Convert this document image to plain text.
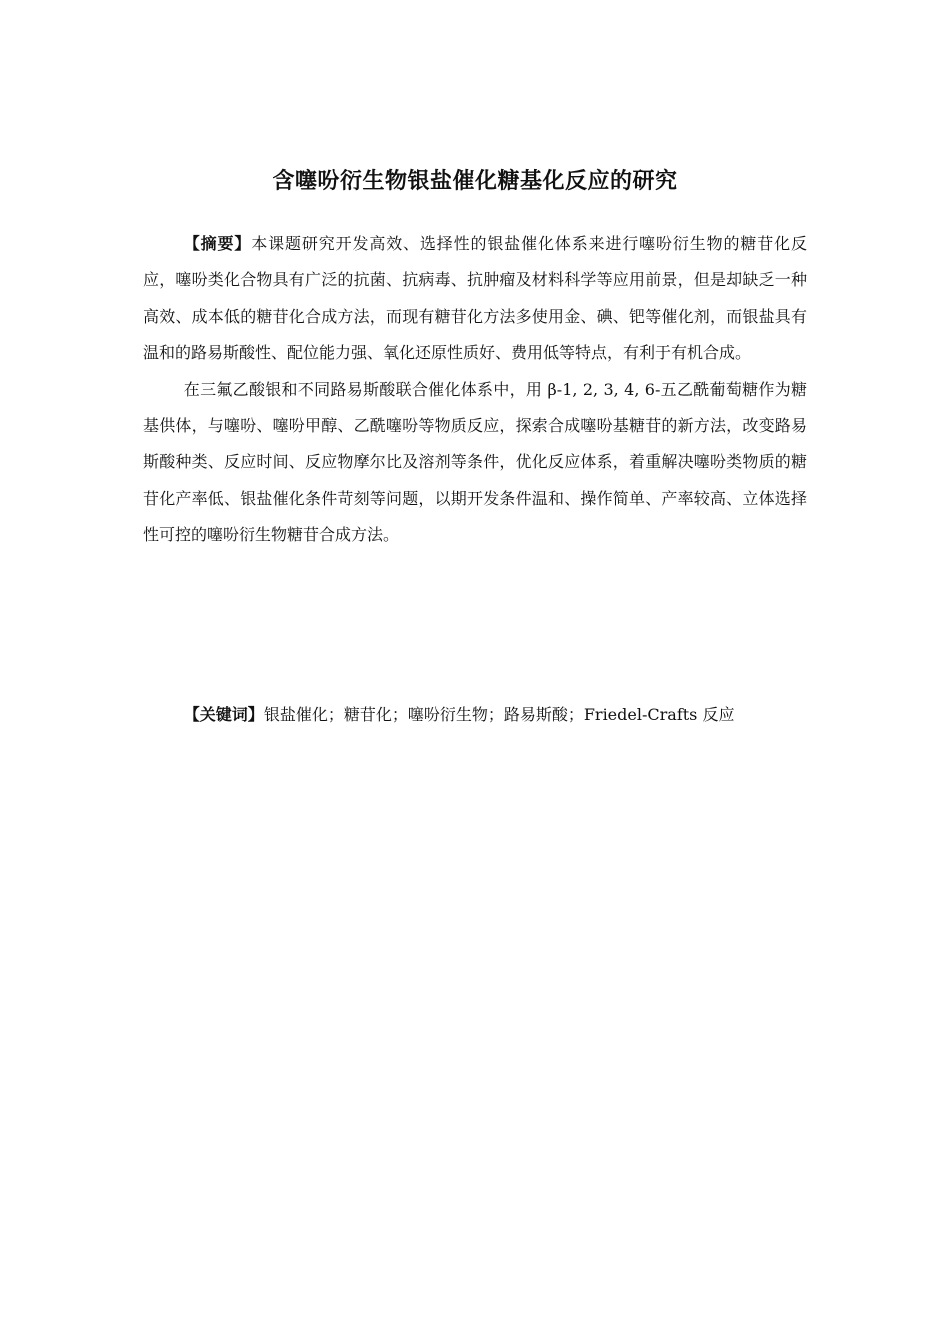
含噻吩衍生物银盐催化糖基化反应的研究

【摘要】本课题研究开发高效、选择性的银盐催化体系来进行噻吩衍生物的糖苷化反应，噻吩类化合物具有广泛的抗菌、抗病毒、抗肿瘤及材料科学等应用前景，但是却缺乏一种高效、成本低的糖苷化合成方法，而现有糖苷化方法多使用金、碘、钯等催化剂，而银盐具有温和的路易斯酸性、配位能力强、氧化还原性质好、费用低等特点，有利于有机合成。

在三氟乙酸银和不同路易斯酸联合催化体系中，用 β-1, 2, 3, 4, 6-五乙酰葡萄糖作为糖基供体，与噻吩、噻吩甲醇、乙酰噻吩等物质反应，探索合成噻吩基糖苷的新方法，改变路易斯酸种类、反应时间、反应物摩尔比及溶剂等条件，优化反应体系，着重解决噻吩类物质的糖苷化产率低、银盐催化条件苛刻等问题，以期开发条件温和、操作简单、产率较高、立体选择性可控的噻吩衍生物糖苷合成方法。

【关键词】银盐催化；糖苷化；噻吩衍生物；路易斯酸；Friedel-Crafts 反应
